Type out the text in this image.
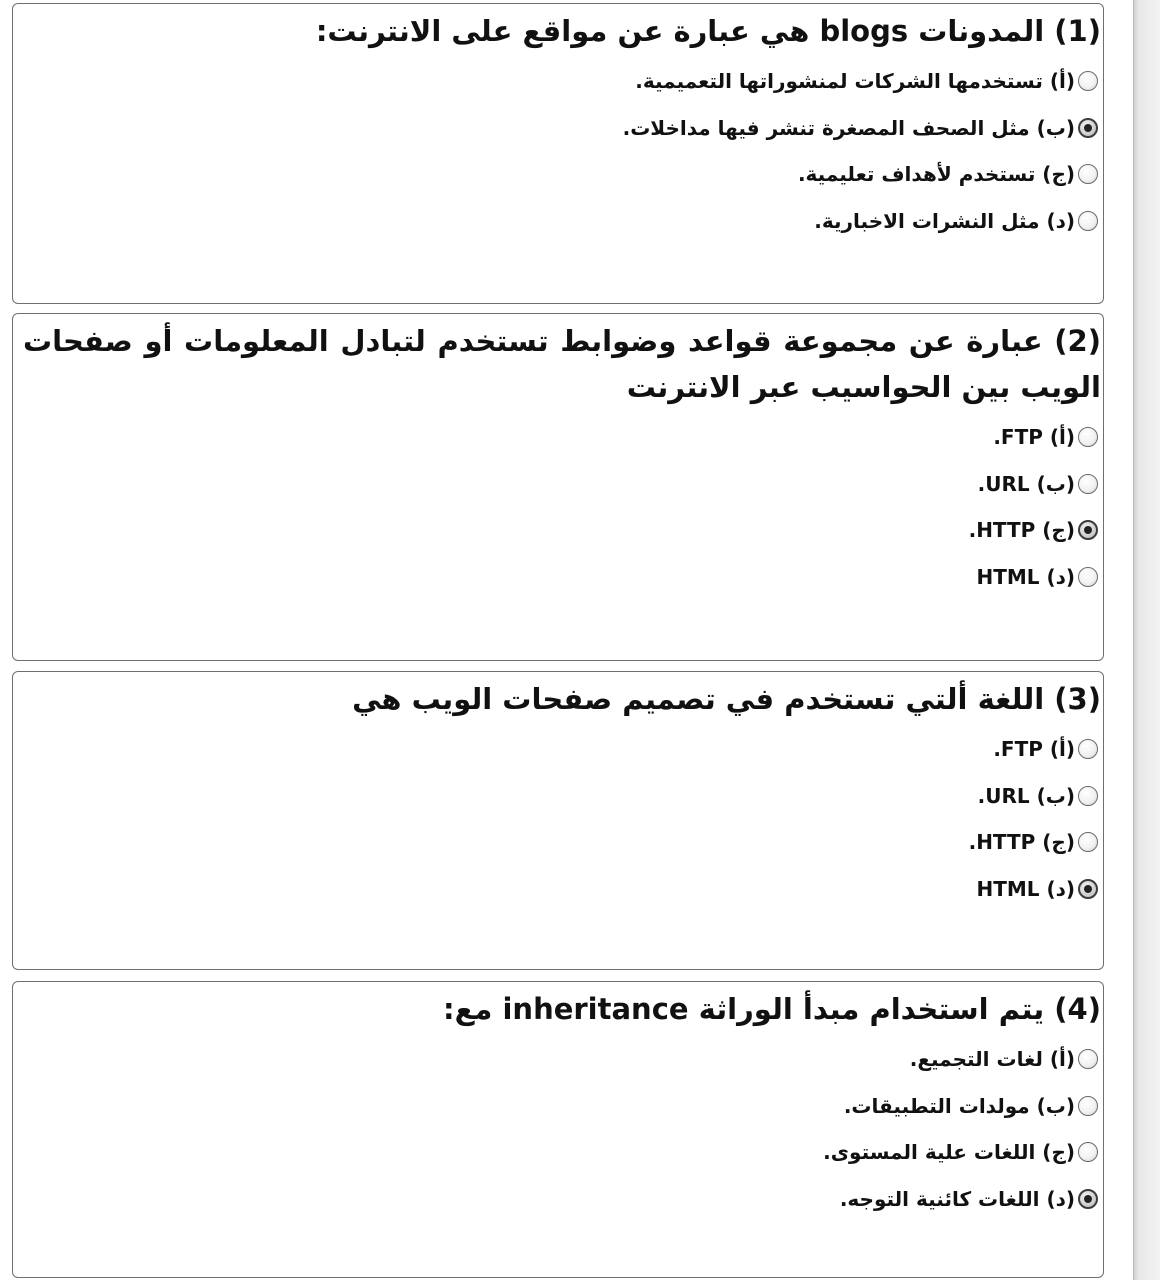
(1) المدونات blogs هي عبارة عن مواقع على الانترنت:
(أ) تستخدمها الشركات لمنشوراتها التعميمية.
(ب) مثل الصحف المصغرة تنشر فيها مداخلات.
(ج) تستخدم لأهداف تعليمية.
(د) مثل النشرات الاخبارية.
(2) عبارة عن مجموعة قواعد وضوابط تستخدم لتبادل المعلومات أو صفحات الويب بين الحواسيب عبر الانترنت
(أ) FTP.
(ب) URL.
(ج) HTTP.
(د) HTML
(3) اللغة ألتي تستخدم في تصميم صفحات الويب هي
(أ) FTP.
(ب) URL.
(ج) HTTP.
(د) HTML
(4) يتم استخدام مبدأ الوراثة inheritance مع:
(أ) لغات التجميع.
(ب) مولدات التطبيقات.
(ج) اللغات علية المستوى.
(د) اللغات كائنية التوجه.
